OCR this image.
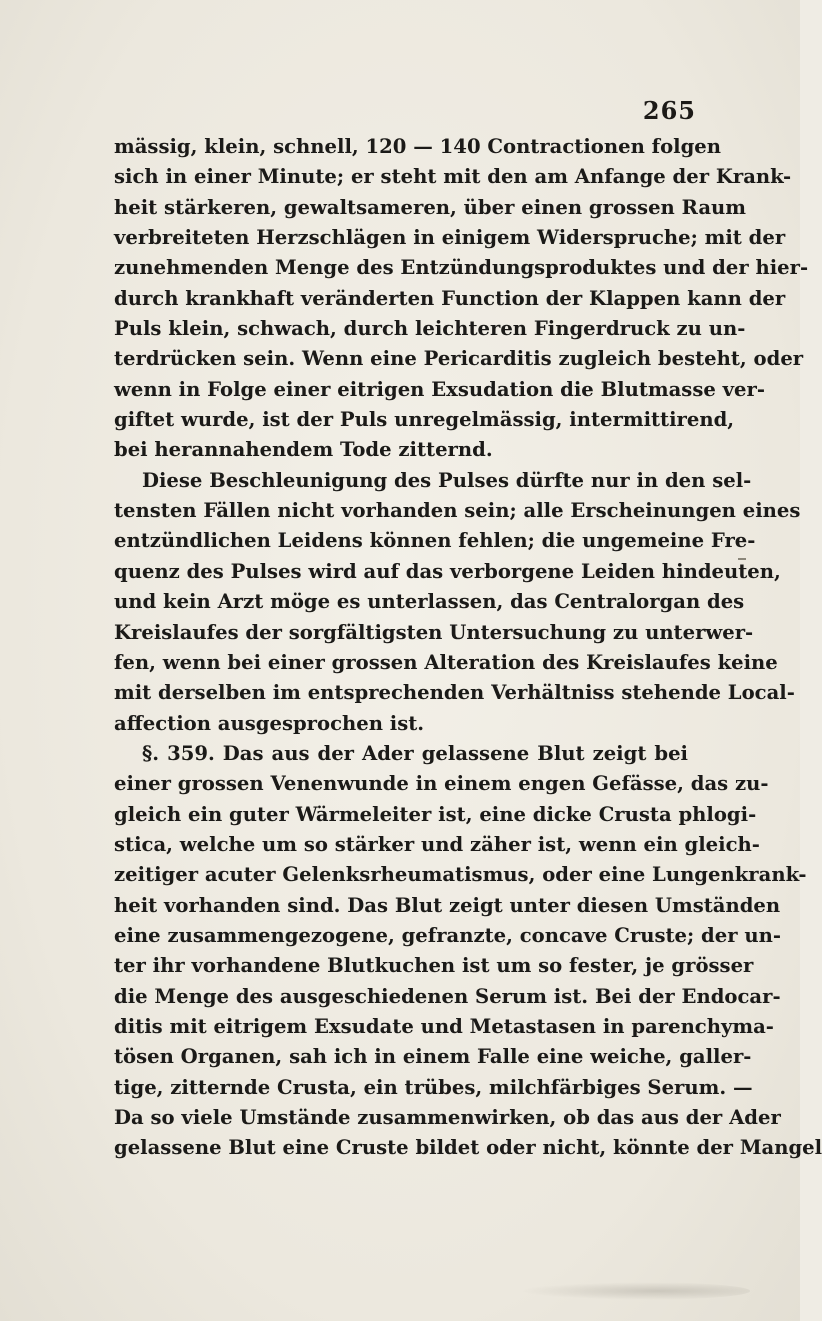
265
mässig, klein, schnell, 120 — 140 Contractionen folgen
sich in einer Minute; er steht mit den am Anfange der Krank-
heit stärkeren, gewaltsameren, über einen grossen Raum
verbreiteten Herzschlägen in einigem Widerspruche; mit der
zunehmenden Menge des Entzündungsproduktes und der hier-
durch krankhaft veränderten Function der Klappen kann der
Puls klein, schwach, durch leichteren Fingerdruck zu un-
terdrücken sein. Wenn eine Pericarditis zugleich besteht, oder
wenn in Folge einer eitrigen Exsudation die Blutmasse ver-
giftet wurde, ist der Puls unregelmässig, intermittirend,
bei herannahendem Tode zitternd.
Diese Beschleunigung des Pulses dürfte nur in den sel-
tensten Fällen nicht vorhanden sein; alle Erscheinungen eines
entzündlichen Leidens können fehlen; die ungemeine Fre-
quenz des Pulses wird auf das verborgene Leiden hindeuten,
und kein Arzt möge es unterlassen, das Centralorgan des
Kreislaufes der sorgfältigsten Untersuchung zu unterwer-
fen, wenn bei einer grossen Alteration des Kreislaufes keine
mit derselben im entsprechenden Verhältniss stehende Local-
affection ausgesprochen ist.
§. 359. Das aus der Ader gelassene Blut zeigt bei
einer grossen Venenwunde in einem engen Gefässe, das zu-
gleich ein guter Wärmeleiter ist, eine dicke Crusta phlogi-
stica, welche um so stärker und zäher ist, wenn ein gleich-
zeitiger acuter Gelenksrheumatismus, oder eine Lungenkrank-
heit vorhanden sind. Das Blut zeigt unter diesen Umständen
eine zusammengezogene, gefranzte, concave Cruste; der un-
ter ihr vorhandene Blutkuchen ist um so fester, je grösser
die Menge des ausgeschiedenen Serum ist. Bei der Endocar-
ditis mit eitrigem Exsudate und Metastasen in parenchyma-
tösen Organen, sah ich in einem Falle eine weiche, galler-
tige, zitternde Crusta, ein trübes, milchfärbiges Serum. —
Da so viele Umstände zusammenwirken, ob das aus der Ader
gelassene Blut eine Cruste bildet oder nicht, könnte der Mangel
